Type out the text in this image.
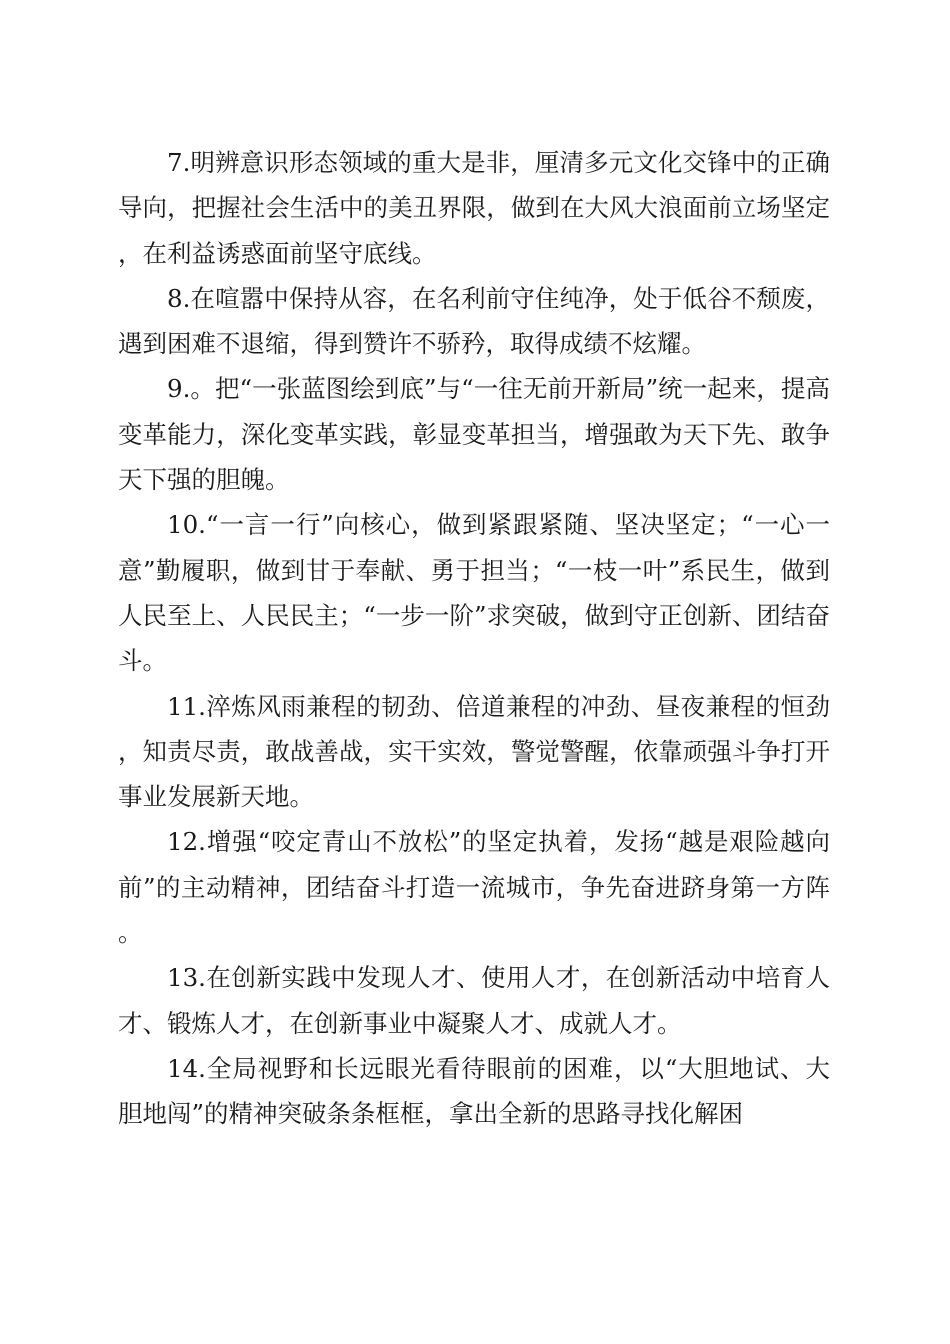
7.明辨意识形态领域的重大是非，厘清多元文化交锋中的正确导向，把握社会生活中的美丑界限，做到在大风大浪面前立场坚定，在利益诱惑面前坚守底线。

8.在喧嚣中保持从容，在名利前守住纯净，处于低谷不颓废，遇到困难不退缩，得到赞许不骄矜，取得成绩不炫耀。

9.。把“一张蓝图绘到底”与“一往无前开新局”统一起来，提高变革能力，深化变革实践，彰显变革担当，增强敢为天下先、敢争天下强的胆魄。

10.“一言一行”向核心，做到紧跟紧随、坚决坚定；“一心一意”勤履职，做到甘于奉献、勇于担当；“一枝一叶”系民生，做到人民至上、人民民主；“一步一阶”求突破，做到守正创新、团结奋斗。

11.淬炼风雨兼程的韧劲、倍道兼程的冲劲、昼夜兼程的恒劲，知责尽责，敢战善战，实干实效，警觉警醒，依靠顽强斗争打开事业发展新天地。

12.增强“咬定青山不放松”的坚定执着，发扬“越是艰险越向前”的主动精神，团结奋斗打造一流城市，争先奋进跻身第一方阵。

13.在创新实践中发现人才、使用人才，在创新活动中培育人才、锻炼人才，在创新事业中凝聚人才、成就人才。

14.全局视野和长远眼光看待眼前的困难，以“大胆地试、大胆地闯”的精神突破条条框框，拿出全新的思路寻找化解困
